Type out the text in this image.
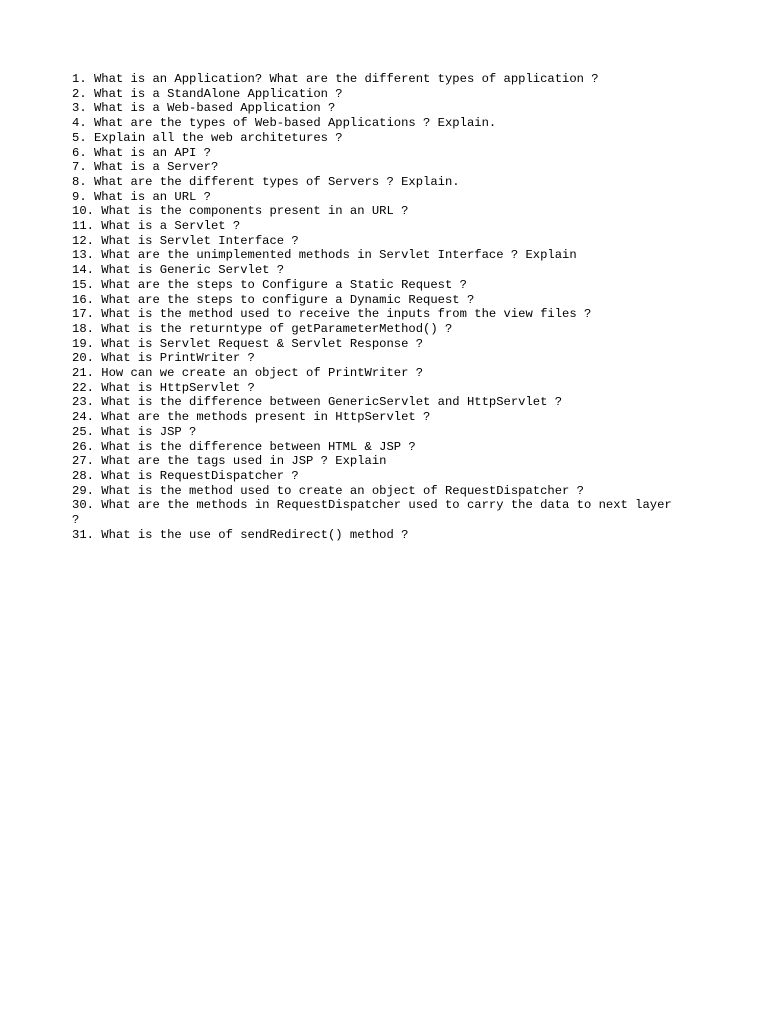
1. What is an Application? What are the different types of application ?
2. What is a StandAlone Application ?
3. What is a Web-based Application ?
4. What are the types of Web-based Applications ? Explain.
5. Explain all the web architetures ?
6. What is an API ?
7. What is a Server?
8. What are the different types of Servers ? Explain.
9. What is an URL ?
10. What is the components present in an URL ?
11. What is a Servlet ?
12. What is Servlet Interface ?
13. What are the unimplemented methods in Servlet Interface ? Explain
14. What is Generic Servlet ?
15. What are the steps to Configure a Static Request ?
16. What are the steps to configure a Dynamic Request ?
17. What is the method used to receive the inputs from the view files ?
18. What is the returntype of getParameterMethod() ?
19. What is Servlet Request & Servlet Response ?
20. What is PrintWriter ?
21. How can we create an object of PrintWriter ?
22. What is HttpServlet ?
23. What is the difference between GenericServlet and HttpServlet ?
24. What are the methods present in HttpServlet ?
25. What is JSP ?
26. What is the difference between HTML & JSP ?
27. What are the tags used in JSP ? Explain
28. What is RequestDispatcher ?
29. What is the method used to create an object of RequestDispatcher ?
30. What are the methods in RequestDispatcher used to carry the data to next layer ?
31. What is the use of sendRedirect() method ?
